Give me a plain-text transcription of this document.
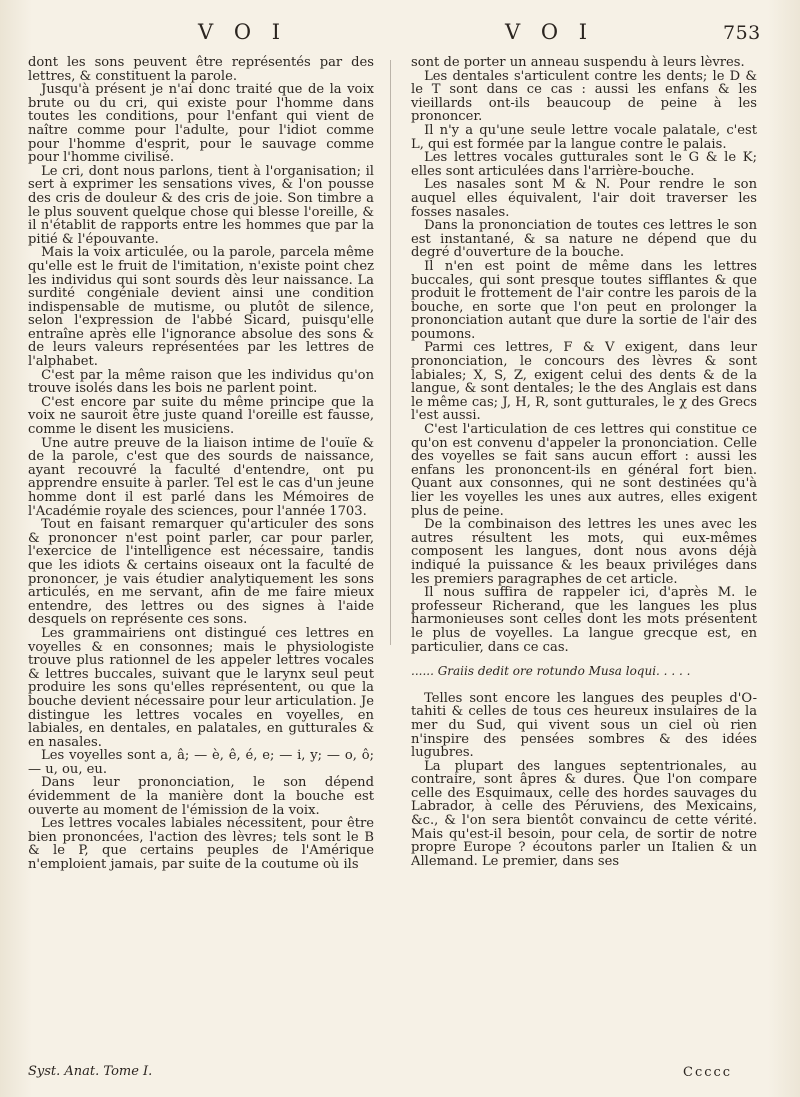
V O I	V O I	753

dont les sons peuvent être représentés par des lettres, & constituent la parole.

Jusqu'à présent je n'ai donc traité que de la voix brute ou du cri, qui existe pour l'homme dans toutes les conditions, pour l'enfant qui vient de naître comme pour l'adulte, pour l'idiot comme pour l'homme d'esprit, pour le sauvage comme pour l'homme civilisé.

Le cri, dont nous parlons, tient à l'organisation; il sert à exprimer les sensations vives, & l'on pousse des cris de douleur & des cris de joie. Son timbre a le plus souvent quelque chose qui blesse l'oreille, & il n'établit de rapports entre les hommes que par la pitié & l'épouvante.

Mais la voix articulée, ou la parole, parcela même qu'elle est le fruit de l'imitation, n'existe point chez les individus qui sont sourds dès leur naissance. La surdité congéniale devient ainsi une condition indispensable de mutisme, ou plutôt de silence, selon l'expression de l'abbé Sicard, puisqu'elle entraîne après elle l'ignorance absolue des sons & de leurs valeurs représentées par les lettres de l'alphabet.

C'est par la même raison que les individus qu'on trouve isolés dans les bois ne parlent point.

C'est encore par suite du même principe que la voix ne sauroit être juste quand l'oreille est fausse, comme le disent les musiciens.

Une autre preuve de la liaison intime de l'ouïe & de la parole, c'est que des sourds de naissance, ayant recouvré la faculté d'entendre, ont pu apprendre ensuite à parler. Tel est le cas d'un jeune homme dont il est parlé dans les Mémoires de l'Académie royale des sciences, pour l'année 1703.

Tout en faisant remarquer qu'articuler des sons & prononcer n'est point parler, car pour parler, l'exercice de l'intelligence est nécessaire, tandis que les idiots & certains oiseaux ont la faculté de prononcer, je vais étudier analytiquement les sons articulés, en me servant, afin de me faire mieux entendre, des lettres ou des signes à l'aide desquels on représente ces sons.

Les grammairiens ont distingué ces lettres en voyelles & en consonnes; mais le physiologiste trouve plus rationnel de les appeler lettres vocales & lettres buccales, suivant que le larynx seul peut produire les sons qu'elles représentent, ou que la bouche devient nécessaire pour leur articulation. Je distingue les lettres vocales en voyelles, en labiales, en dentales, en palatales, en gutturales & en nasales.

Les voyelles sont a, â; — è, ê, é, e; — i, y; — o, ô; — u, ou, eu.

Dans leur prononciation, le son dépend évidemment de la manière dont la bouche est ouverte au moment de l'émission de la voix.

Les lettres vocales labiales nécessitent, pour être bien prononcées, l'action des lèvres; tels sont le B & le P, que certains peuples de l'Amérique n'emploient jamais, par suite de la coutume où ils

sont de porter un anneau suspendu à leurs lèvres.

Les dentales s'articulent contre les dents; le D & le T sont dans ce cas : aussi les enfans & les vieillards ont-ils beaucoup de peine à les prononcer.

Il n'y a qu'une seule lettre vocale palatale, c'est L, qui est formée par la langue contre le palais.

Les lettres vocales gutturales sont le G & le K; elles sont articulées dans l'arrière-bouche.

Les nasales sont M & N. Pour rendre le son auquel elles équivalent, l'air doit traverser les fosses nasales.

Dans la prononciation de toutes ces lettres le son est instantané, & sa nature ne dépend que du degré d'ouverture de la bouche.

Il n'en est point de même dans les lettres buccales, qui sont presque toutes sifflantes & que produit le frottement de l'air contre les parois de la bouche, en sorte que l'on peut en prolonger la prononciation autant que dure la sortie de l'air des poumons.

Parmi ces lettres, F & V exigent, dans leur prononciation, le concours des lèvres & sont labiales; X, S, Z, exigent celui des dents & de la langue, & sont dentales; le the des Anglais est dans le même cas; J, H, R, sont gutturales, le χ des Grecs l'est aussi.

C'est l'articulation de ces lettres qui constitue ce qu'on est convenu d'appeler la prononciation. Celle des voyelles se fait sans aucun effort : aussi les enfans les prononcent-ils en général fort bien. Quant aux consonnes, qui ne sont destinées qu'à lier les voyelles les unes aux autres, elles exigent plus de peine.

De la combinaison des lettres les unes avec les autres résultent les mots, qui eux-mêmes composent les langues, dont nous avons déjà indiqué la puissance & les beaux priviléges dans les premiers paragraphes de cet article.

Il nous suffira de rappeler ici, d'après M. le professeur Richerand, que les langues les plus harmonieuses sont celles dont les mots présentent le plus de voyelles. La langue grecque est, en particulier, dans ce cas.

...... Graiis dedit ore rotundo Musa loqui. . . . .

Telles sont encore les langues des peuples d'O-tahiti & celles de tous ces heureux insulaires de la mer du Sud, qui vivent sous un ciel où rien n'inspire des pensées sombres & des idées lugubres.

La plupart des langues septentrionales, au contraire, sont âpres & dures. Que l'on compare celle des Esquimaux, celle des hordes sauvages du Labrador, à celle des Péruviens, des Mexicains, &c., & l'on sera bientôt convaincu de cette vérité. Mais qu'est-il besoin, pour cela, de sortir de notre propre Europe ? écoutons parler un Italien & un Allemand. Le premier, dans ses

Syst. Anat. Tome I.	Ccccc
